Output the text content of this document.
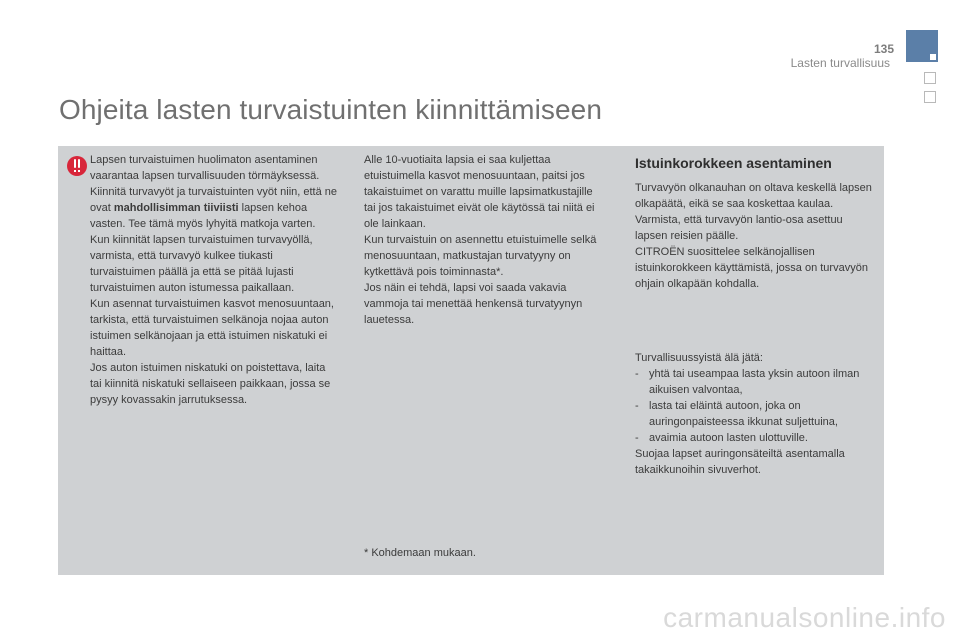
135
Lasten turvallisuus
Ohjeita lasten turvaistuinten kiinnittämiseen

Lapsen turvaistuimen huolimaton asentaminen vaarantaa lapsen turvallisuuden törmäyksessä.

Kiinnitä turvavyöt ja turvaistuinten vyöt niin, että ne ovat mahdollisimman tiiviisti lapsen kehoa vasten. Tee tämä myös lyhyitä matkoja varten.

Kun kiinnität lapsen turvaistuimen turvavyöllä, varmista, että turvavyö kulkee tiukasti turvaistuimen päällä ja että se pitää lujasti turvaistuimen auton istumessa paikallaan.

Kun asennat turvaistuimen kasvot menosuuntaan, tarkista, että turvaistuimen selkänoja nojaa auton istuimen selkänojaan ja että istuimen niskatuki ei haittaa.

Jos auton istuimen niskatuki on poistettava, laita tai kiinnitä niskatuki sellaiseen paikkaan, jossa se pysyy kovassakin jarrutuksessa.

Alle 10-vuotiaita lapsia ei saa kuljettaa etuistuimella kasvot menosuuntaan, paitsi jos takaistuimet on varattu muille lapsimatkustajille tai jos takaistuimet eivät ole käytössä tai niitä ei ole lainkaan.

Kun turvaistuin on asennettu etuistuimelle selkä menosuuntaan, matkustajan turvatyyny on kytkettävä pois toiminnasta*.

Jos näin ei tehdä, lapsi voi saada vakavia vammoja tai menettää henkensä turvatyynyn lauetessa.

Istuinkorokkeen asentaminen

Turvavyön olkanauhan on oltava keskellä lapsen olkapäätä, eikä se saa koskettaa kaulaa.

Varmista, että turvavyön lantio-osa asettuu lapsen reisien päälle.

CITROËN suosittelee selkänojallisen istuinkorokkeen käyttämistä, jossa on turvavyön ohjain olkapään kohdalla.

Turvallisuussyistä älä jätä:

- yhtä tai useampaa lasta yksin autoon ilman aikuisen valvontaa,
- lasta tai eläintä autoon, joka on auringonpaisteessa ikkunat suljettuina,
- avaimia autoon lasten ulottuville.

Suojaa lapset auringonsäteiltä asentamalla takaikkunoihin sivuverhot.

* Kohdemaan mukaan.
carmanualsonline.info
